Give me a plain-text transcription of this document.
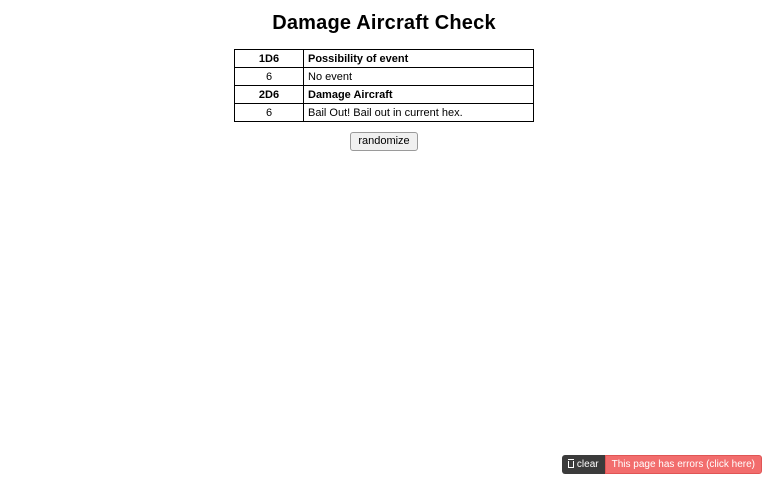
Damage Aircraft Check
1D6	Possibility of event
6	No event
2D6	Damage Aircraft
6	Bail Out! Bail out in current hex.
randomize
clear	This page has errors (click here)
